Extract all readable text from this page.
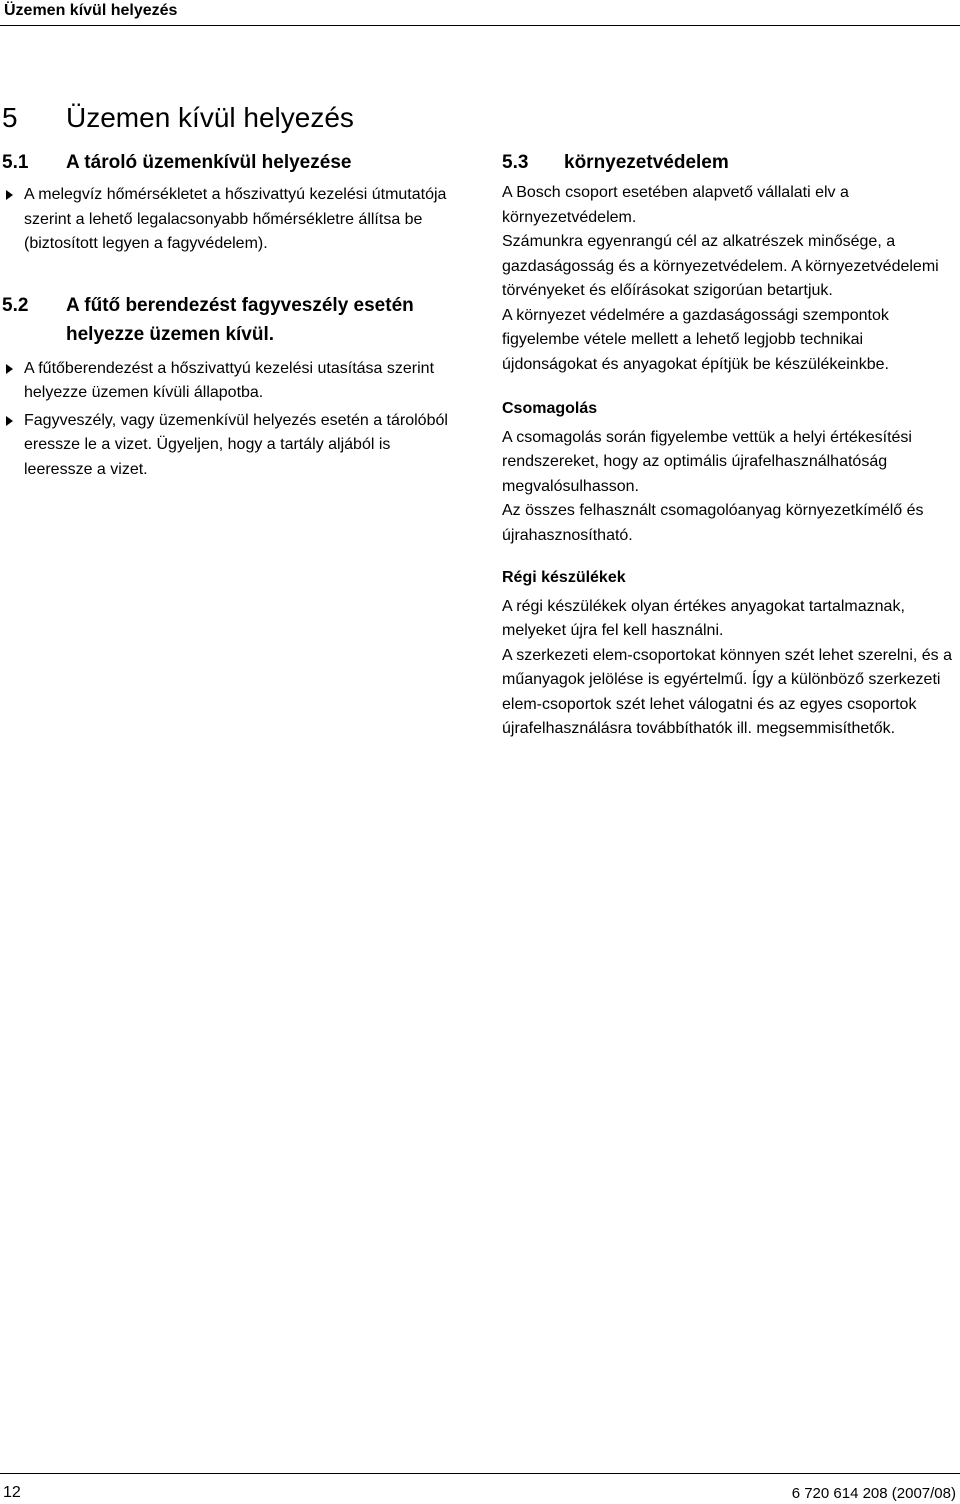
Üzemen kívül helyezés
5 Üzemen kívül helyezés
5.1 A tároló üzemenkívül helyezése
A melegvíz hőmérsékletet a hőszivattyú kezelési útmutatója szerint a lehető legalacsonyabb hőmérsékletre állítsa be (biztosított legyen a fagyvédelem).
5.2 A fűtő berendezést fagyveszély esetén helyezze üzemen kívül.
A fűtőberendezést a hőszivattyú kezelési utasítása szerint helyezze üzemen kívüli állapotba.
Fagyveszély, vagy üzemenkívül helyezés esetén a tárolóból eressze le a vizet. Ügyeljen, hogy a tartály aljából is leeressze a vizet.
5.3 környezetvédelem

A Bosch csoport esetében alapvető vállalati elv a környezetvédelem.

Számunkra egyenrangú cél az alkatrészek minősége, a gazdaságosság és a környezetvédelem. A környezetvédelemi törvényeket és előírásokat szigorúan betartjuk.

A környezet védelmére a gazdaságossági szempontok figyelembe vétele mellett a lehető legjobb technikai újdonságokat és anyagokat építjük be készülékeinkbe.

Csomagolás

A csomagolás során figyelembe vettük a helyi értékesítési rendszereket, hogy az optimális újrafelhasználhatóság megvalósulhasson.

Az összes felhasznált csomagolóanyag környezetkímélő és újrahasznosítható.

Régi készülékek

A régi készülékek olyan értékes anyagokat tartalmaznak, melyeket újra fel kell használni.

A szerkezeti elem-csoportokat könnyen szét lehet szerelni, és a műanyagok jelölése is egyértelmű. Így a különböző szerkezeti elem-csoportok szét lehet válogatni és az egyes csoportok újrafelhasználásra továbbíthatók ill. megsemmisíthetők.

12	6 720 614 208 (2007/08)
